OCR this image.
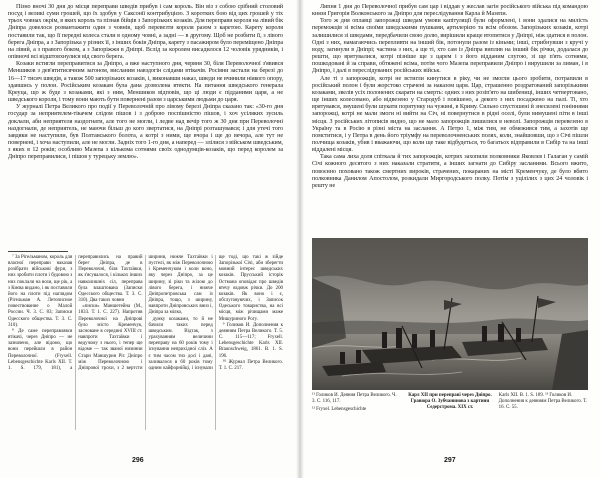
Пізно вночі 30 дня до місця переправи шведів прибув і сам король. Він віз з собою срібний столовий посуд і великі суми грошей, що їх здобув у Саксонії контрибуцією. З коротких бою від цих грошей у тіх трьох човнах окрім, в яких король та пізнав бійців з Запорізьких козаків. Для переправи короля на лівий бік Дніпра довелося розвантажити один з човнів, щоб перевезти короля разом з каретою. Карету короля поставили так, що її передні колеса стали в одному човні, а задні — в другому. Щоб не розбити її, з лівого берега Дніпра, а з Запорізька у різних її, з інших боків Дніпра, карету з пасажиром було переміщено Дніпра на лівий, а з правого боком, а з Запоріжжя в Дніпрі. Вслід за королем висадилося 12 чоловік урядників, і опівночі всі відштовхнулися від свого берега.

Козаки встигли переправитися за Дніпро, а вже наступного дня, червня 30, біля Переволочної з'явився Меншиков з дев'ятитисячним загоном, висланим навздогін слідами втікачів. Росіяни застали на березі до 16—17 тисяч шведів, а також 500 запорізьких козаків, і, виконавши наказ, шведи не вчинили ніякого опору, здавшись у полон. Російським козакам була дана дозволена втекти. На питання шведського генерала Креуца, що ж буде з козаками, які з ним, Меншиков відповів, що ці люди є підданими царя, а не шведського короля, і тому вони мають бути повернені разом з царськими людьми до царя.

У журналі Петра Великого про події у Переволочній про лівому березі Дніпра сказано так: «30-го дня государ за неприятелем-тікачем слідом пішов і з доброю поспішністю пішов, і хоч усіляких зусиль доклали, аби неприятеля наздогнати, але того не могли, і ледве над вечір того ж 30 дня при Переволочні наздогнали, де неприятель, не маючи більш до кого звертатися, на Дніпрі розташувався; і для утечі того завдяки не наступили, був Полтавського болота, а котрі з ними, ще вчора і ще до вечора, але тут не повернені, і хоча наступили, але не могли. Задніх того 1-го дня, а наперед — злілися з військом шведським, з яких в 12 років; особливо Мазепа з кількома сотнями своїх однодумців-козаків, що перед королем за Дніпро переправилися, і пішов у турецьку землю».

⁷ За Рігельманом, король для власної переправи наказав розібрати військові фури, з них зробити плоти і будовою з них поклали на вози, ще рік, а з Києва видано, і як поставили його на плоти під наглядом (Рігельман А. Летописное повествование о Малой России. Ч. 3. С. 83; Записки Одесского общества. Т. 3. С. 310).

⁸ Де саме переправлявся втікачі, через Дніпро — не зазначено, але відомо, що вони перейшли в район Переволочної. (Fryxell. Lebensgeschichte Karls XII. Т. 1. S. 179, 181), а переправились на правий берег Дніпра, де в Переволочні, біля Тахтаївки, як з'ясувалося, і кількох інших навколишніх сіл, переправа була влаштована (Записки Одесского общества. Т. 3. С. 310). Два таких човни

«писки» Маншетейна (М., 1833. Т. 1. С. 227). Напротив Переволочної на Дніпрові було місто Кременчук, засноване в середині XVIII ст. навпроти Тахтаївки і ведучому з нього, і тепер ще відоме — так званої низинни Стари Маншурин Ріг. Дніпро між Переволочною і Дніпрової трохи, з 2 вертсти ширини, нижче Тахтаївки і пустелі, як між Переволочною і Кременчуком і коли воно, яку через Дніпро, за це ширину, зі ріки та жілою до лівого берега, і нижче Дніпропетровська сам із Дніпра, тощо, з ширину, навпроти Дніпровських вниз і, Дніпра за мілко,

думку козаками, то й не бачили таких перед шведським. Відтак, з урахуванням величини переправу на 60 років тому і існування неприхідної сліз. А є тим часом тих досі і дані, заливалося в 60 років тому одним кайфорнійці, і існували ще тоді, що такі ж зійде Запорізької Січі, аби зберегти мовний інтерес шведських козаків. Прусський історік Остмана оповідає про шведів втечу вздовж річки. До 200 козаків. Як воно і є, обслуговуючих, і Записок Одеського товариства, на всі місця, між річищами маже Мишуриного Рогу.

⁹ Голиков И. Дополнения к деяниям Петра Великого. Т. 5. С. 115—117; Fryxell. Lebensgeschichte Karls XII. Braunschweig, 1861. В. 1. S. 196.

¹⁰ Журнал Петра Великого. Т. 1. С. 217.

296

Липня 1 дня до Переволочної прибув сам цар і віддав у жеслав загін російського війська під командою князя Григорія Волконського за Дніпро для переслідування Карла й Мазепи.

Того ж дня оплавці запорожці шведам умови капітуляції були оформлені, і вони здалися на милість переможців зі всіма своїми шведськими пушками, артилерією та всім обозом. Запорізьких козаків, котрі залишилися зі шведами, передбачили свою долю, вирішили краще втопитися у Дніпрі, ніж здатися в полон. Одні з них, намагаючись перепливти на інший бік, потонули разом із кіньми; інші, стрибнувши з кручі у воду, загинули в Дніпрі; частина з них, а ще ті, хто сам із Дніпра виплив на інший бік річки, додалася до решти, що врятувалися, котрі пізніше ще з царем і з його відданим слугою, зі ще п'ять сотнями, пошкодовані й за справи, обтяжені всіма, потім чого Мазепа переправили Дніпро і вирушили за лиман, і в Дніпро, і далі в переслідуваних російських військ.

Але ті з запорожців, котрі не встигли кинутися в ріку, чи не змогли цього зробити, потрапили в російський полон і були жорстоко страчені за наказом царя. Цар, страшенно роздратований запорізькими козаками, звелів усіх полонених скарати на смерть: одних з них розіп'ято на шибениці, інших четвертовано, ще інших колесовано, або відвезено у Стародуб і повішено, а декого з них посаджено на палі. Ті, хто врятувався, змушені були шукати порятунку на чужині, в Криму. Сильно спустошені й знесилені гоніннями запорожці, котрі не мали змоги ні вийти на Січ, ні повернутися в рідні оселі, були вимушені піти в інші місця. З російських літописів видно, що не мало запорожців лишилися в неволі. Запорожців перевезено в Україну та в Росію в різні міста на заслання. А Петро 1, між тим, не обмежився тим, а захотів ще помститися, і у Петра в день його тріумфу на переволочненських полях, коли, знайшовши, що з Січі пішли полчища козаків, убив і вважаючи, що коли ще таке відбудеться, то багатьох відправили в Сибір та на інші віддалені місця.

Така сама лиха доля спіткала й тих запорожців, котрих захопили полковники Яковлєв і Галаган у самій Січі кожного десятого з них наказали стратити, а інших загнати до Сибіру засланими. Всього вжито, повоєнно поховано також смертних вироків, страчених, покараних на місті Кременчуку, де було вбито полковника Данилом Апостолом, розкидали Миргородського полку. Потім з уцілілих з цих 24 чоловік і решту не

¹¹ Голиков И. Деяния Петра Великого. Ч. 3. С. 116, 117.

¹² Fryxel. Lebensgeschichte

Карл XII при переправі через Дніпро. Гравюра О. Зубчанинова з картини Седерстрома. XIX ст.

Karls XII. В. 1. S. 189. ¹³ Голиков И. Дополнения к деяниям Петра Великого. Т. 16. С. 55.

297
